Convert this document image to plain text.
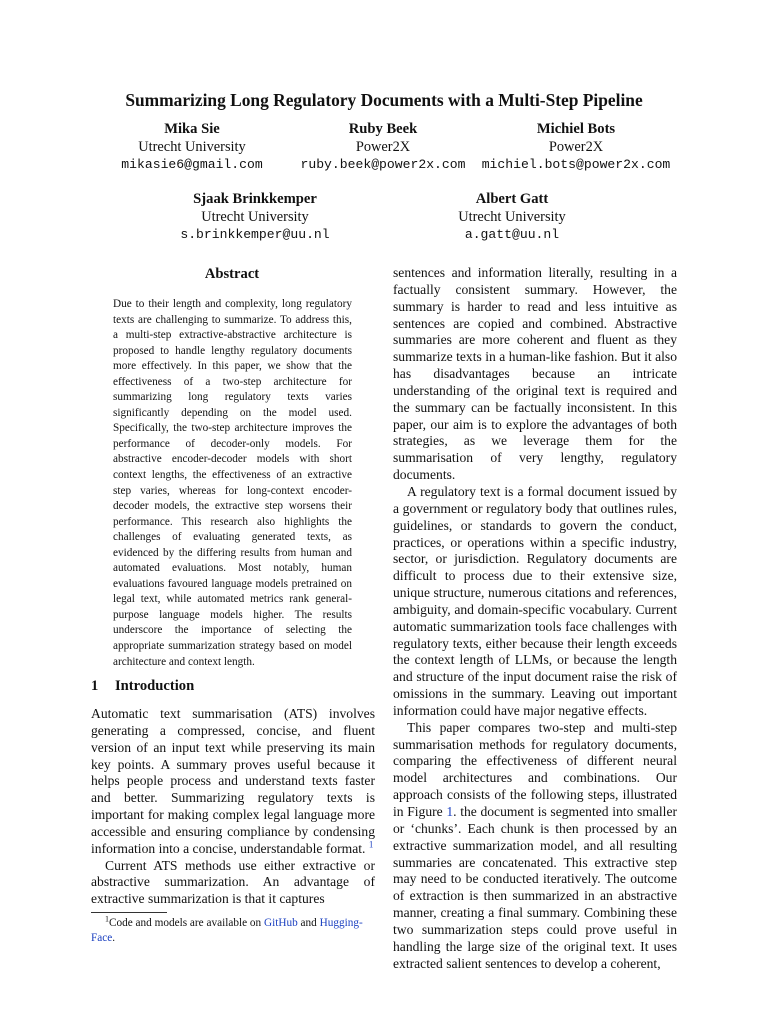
Summarizing Long Regulatory Documents with a Multi-Step Pipeline
Mika Sie
Utrecht University
mikasie6@gmail.com
Ruby Beek
Power2X
ruby.beek@power2x.com
Michiel Bots
Power2X
michiel.bots@power2x.com
Sjaak Brinkkemper
Utrecht University
s.brinkkemper@uu.nl
Albert Gatt
Utrecht University
a.gatt@uu.nl
Abstract
Due to their length and complexity, long regulatory texts are challenging to summarize. To address this, a multi-step extractive-abstractive architecture is proposed to handle lengthy regulatory documents more effectively. In this paper, we show that the effectiveness of a two-step architecture for summarizing long regulatory texts varies significantly depending on the model used. Specifically, the two-step architecture improves the performance of decoder-only models. For abstractive encoder-decoder models with short context lengths, the effectiveness of an extractive step varies, whereas for long-context encoder-decoder models, the extractive step worsens their performance. This research also highlights the challenges of evaluating generated texts, as evidenced by the differing results from human and automated evaluations. Most notably, human evaluations favoured language models pretrained on legal text, while automated metrics rank general-purpose language models higher. The results underscore the importance of selecting the appropriate summarization strategy based on model architecture and context length.
1 Introduction

Automatic text summarisation (ATS) involves generating a compressed, concise, and fluent version of an input text while preserving its main key points. A summary proves useful because it helps people process and understand texts faster and better. Summarizing regulatory texts is important for making complex legal language more accessible and ensuring compliance by condensing information into a concise, understandable format. $^1$

Current ATS methods use either extractive or abstractive summarization. An advantage of extractive summarization is that it captures

sentences and information literally, resulting in a factually consistent summary. However, the summary is harder to read and less intuitive as sentences are copied and combined. Abstractive summaries are more coherent and fluent as they summarize texts in a human-like fashion. But it also has disadvantages because an intricate understanding of the original text is required and the summary can be factually inconsistent. In this paper, our aim is to explore the advantages of both strategies, as we leverage them for the summarisation of very lengthy, regulatory documents.

A regulatory text is a formal document issued by a government or regulatory body that outlines rules, guidelines, or standards to govern the conduct, practices, or operations within a specific industry, sector, or jurisdiction. Regulatory documents are difficult to process due to their extensive size, unique structure, numerous citations and references, ambiguity, and domain-specific vocabulary. Current automatic summarization tools face challenges with regulatory texts, either because their length exceeds the context length of LLMs, or because the length and structure of the input document raise the risk of omissions in the summary. Leaving out important information could have major negative effects.

This paper compares two-step and multi-step summarisation methods for regulatory documents, comparing the effectiveness of different neural model architectures and combinations. Our approach consists of the following steps, illustrated in Figure 1. the document is segmented into smaller or ‘chunks’. Each chunk is then processed by an extractive summarization model, and all resulting summaries are concatenated. This extractive step may need to be conducted iteratively. The outcome of extraction is then summarized in an abstractive manner, creating a final summary. Combining these two summarization steps could prove useful in handling the large size of the original text. It uses extracted salient sentences to develop a coherent,

$^1$Code and models are available on GitHub and Hugging-Face.
